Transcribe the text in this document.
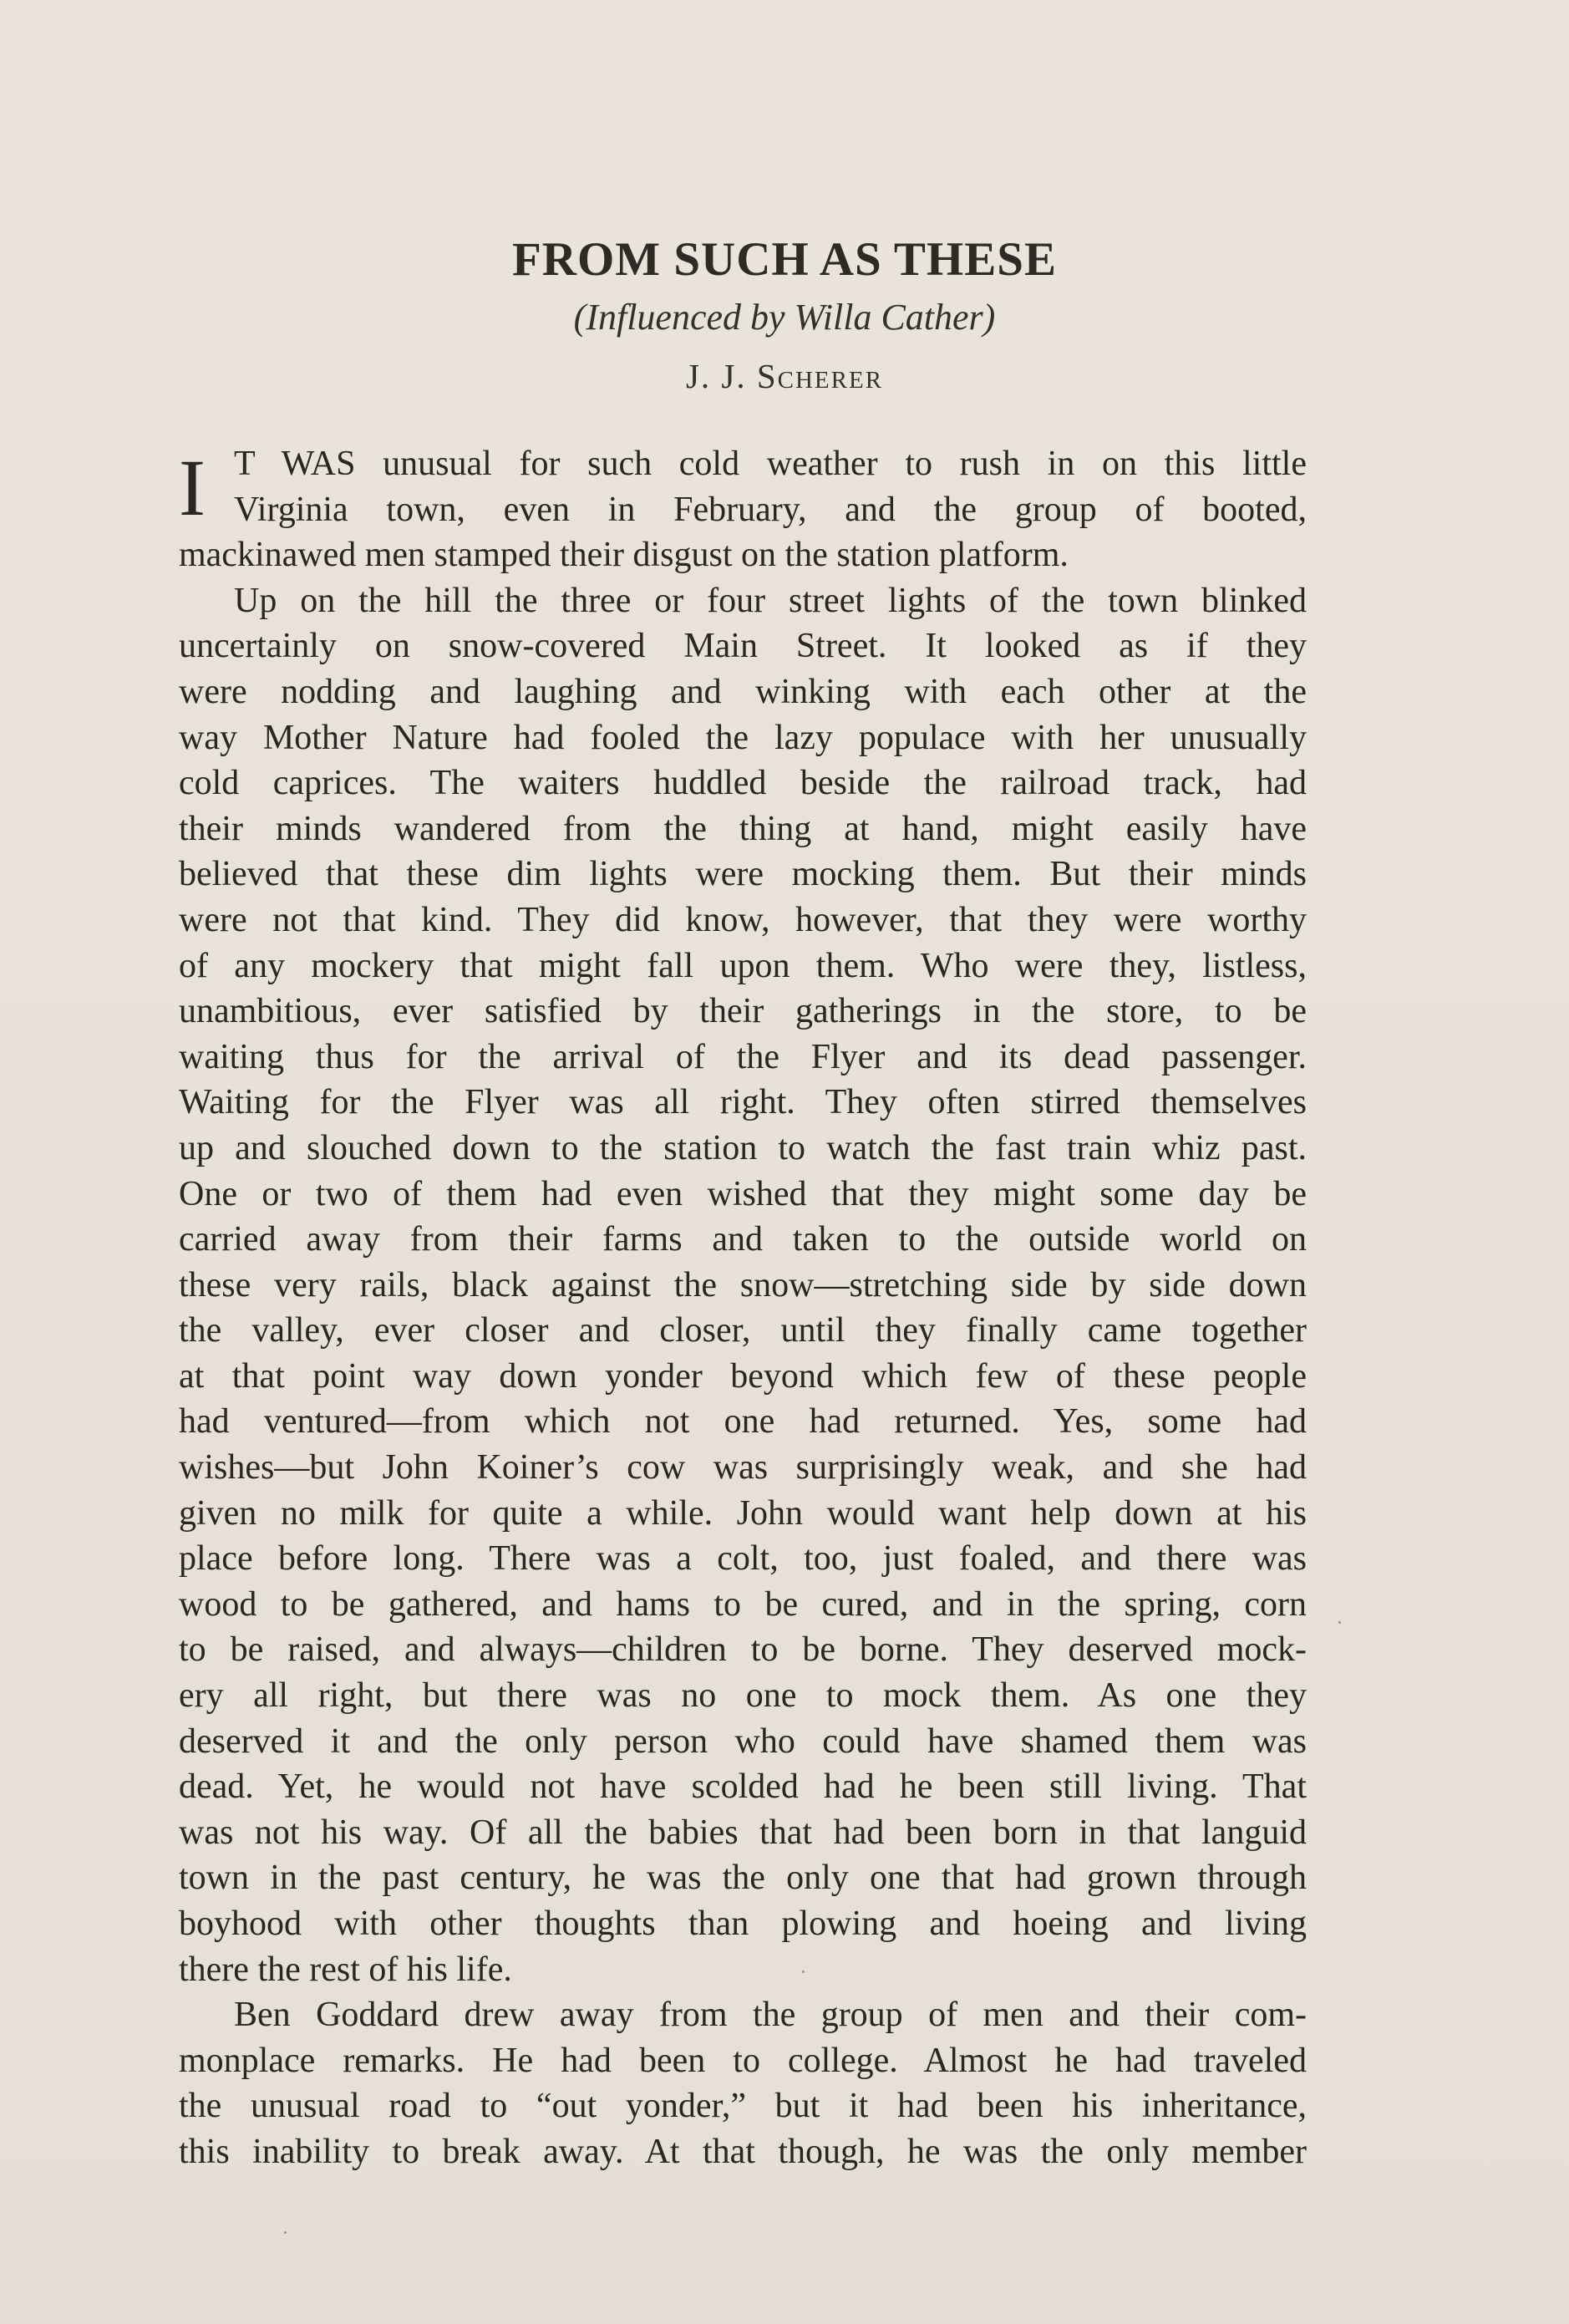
FROM SUCH AS THESE
(Influenced by Willa Cather)
J. J. Scherer
I T WAS unusual for such cold weather to rush in on this little
Virginia town, even in February, and the group of booted,
mackinawed men stamped their disgust on the station platform.
Up on the hill the three or four street lights of the town blinked
uncertainly on snow-covered Main Street. It looked as if they
were nodding and laughing and winking with each other at the
way Mother Nature had fooled the lazy populace with her unusually
cold caprices. The waiters huddled beside the railroad track, had
their minds wandered from the thing at hand, might easily have
believed that these dim lights were mocking them. But their minds
were not that kind. They did know, however, that they were worthy
of any mockery that might fall upon them. Who were they, listless,
unambitious, ever satisfied by their gatherings in the store, to be
waiting thus for the arrival of the Flyer and its dead passenger.
Waiting for the Flyer was all right. They often stirred themselves
up and slouched down to the station to watch the fast train whiz past.
One or two of them had even wished that they might some day be
carried away from their farms and taken to the outside world on
these very rails, black against the snow—stretching side by side down
the valley, ever closer and closer, until they finally came together
at that point way down yonder beyond which few of these people
had ventured—from which not one had returned. Yes, some had
wishes—but John Koiner’s cow was surprisingly weak, and she had
given no milk for quite a while. John would want help down at his
place before long. There was a colt, too, just foaled, and there was
wood to be gathered, and hams to be cured, and in the spring, corn
to be raised, and always—children to be borne. They deserved mock-
ery all right, but there was no one to mock them. As one they
deserved it and the only person who could have shamed them was
dead. Yet, he would not have scolded had he been still living. That
was not his way. Of all the babies that had been born in that languid
town in the past century, he was the only one that had grown through
boyhood with other thoughts than plowing and hoeing and living
there the rest of his life.
Ben Goddard drew away from the group of men and their com-
monplace remarks. He had been to college. Almost he had traveled
the unusual road to “out yonder,” but it had been his inheritance,
this inability to break away. At that though, he was the only member
